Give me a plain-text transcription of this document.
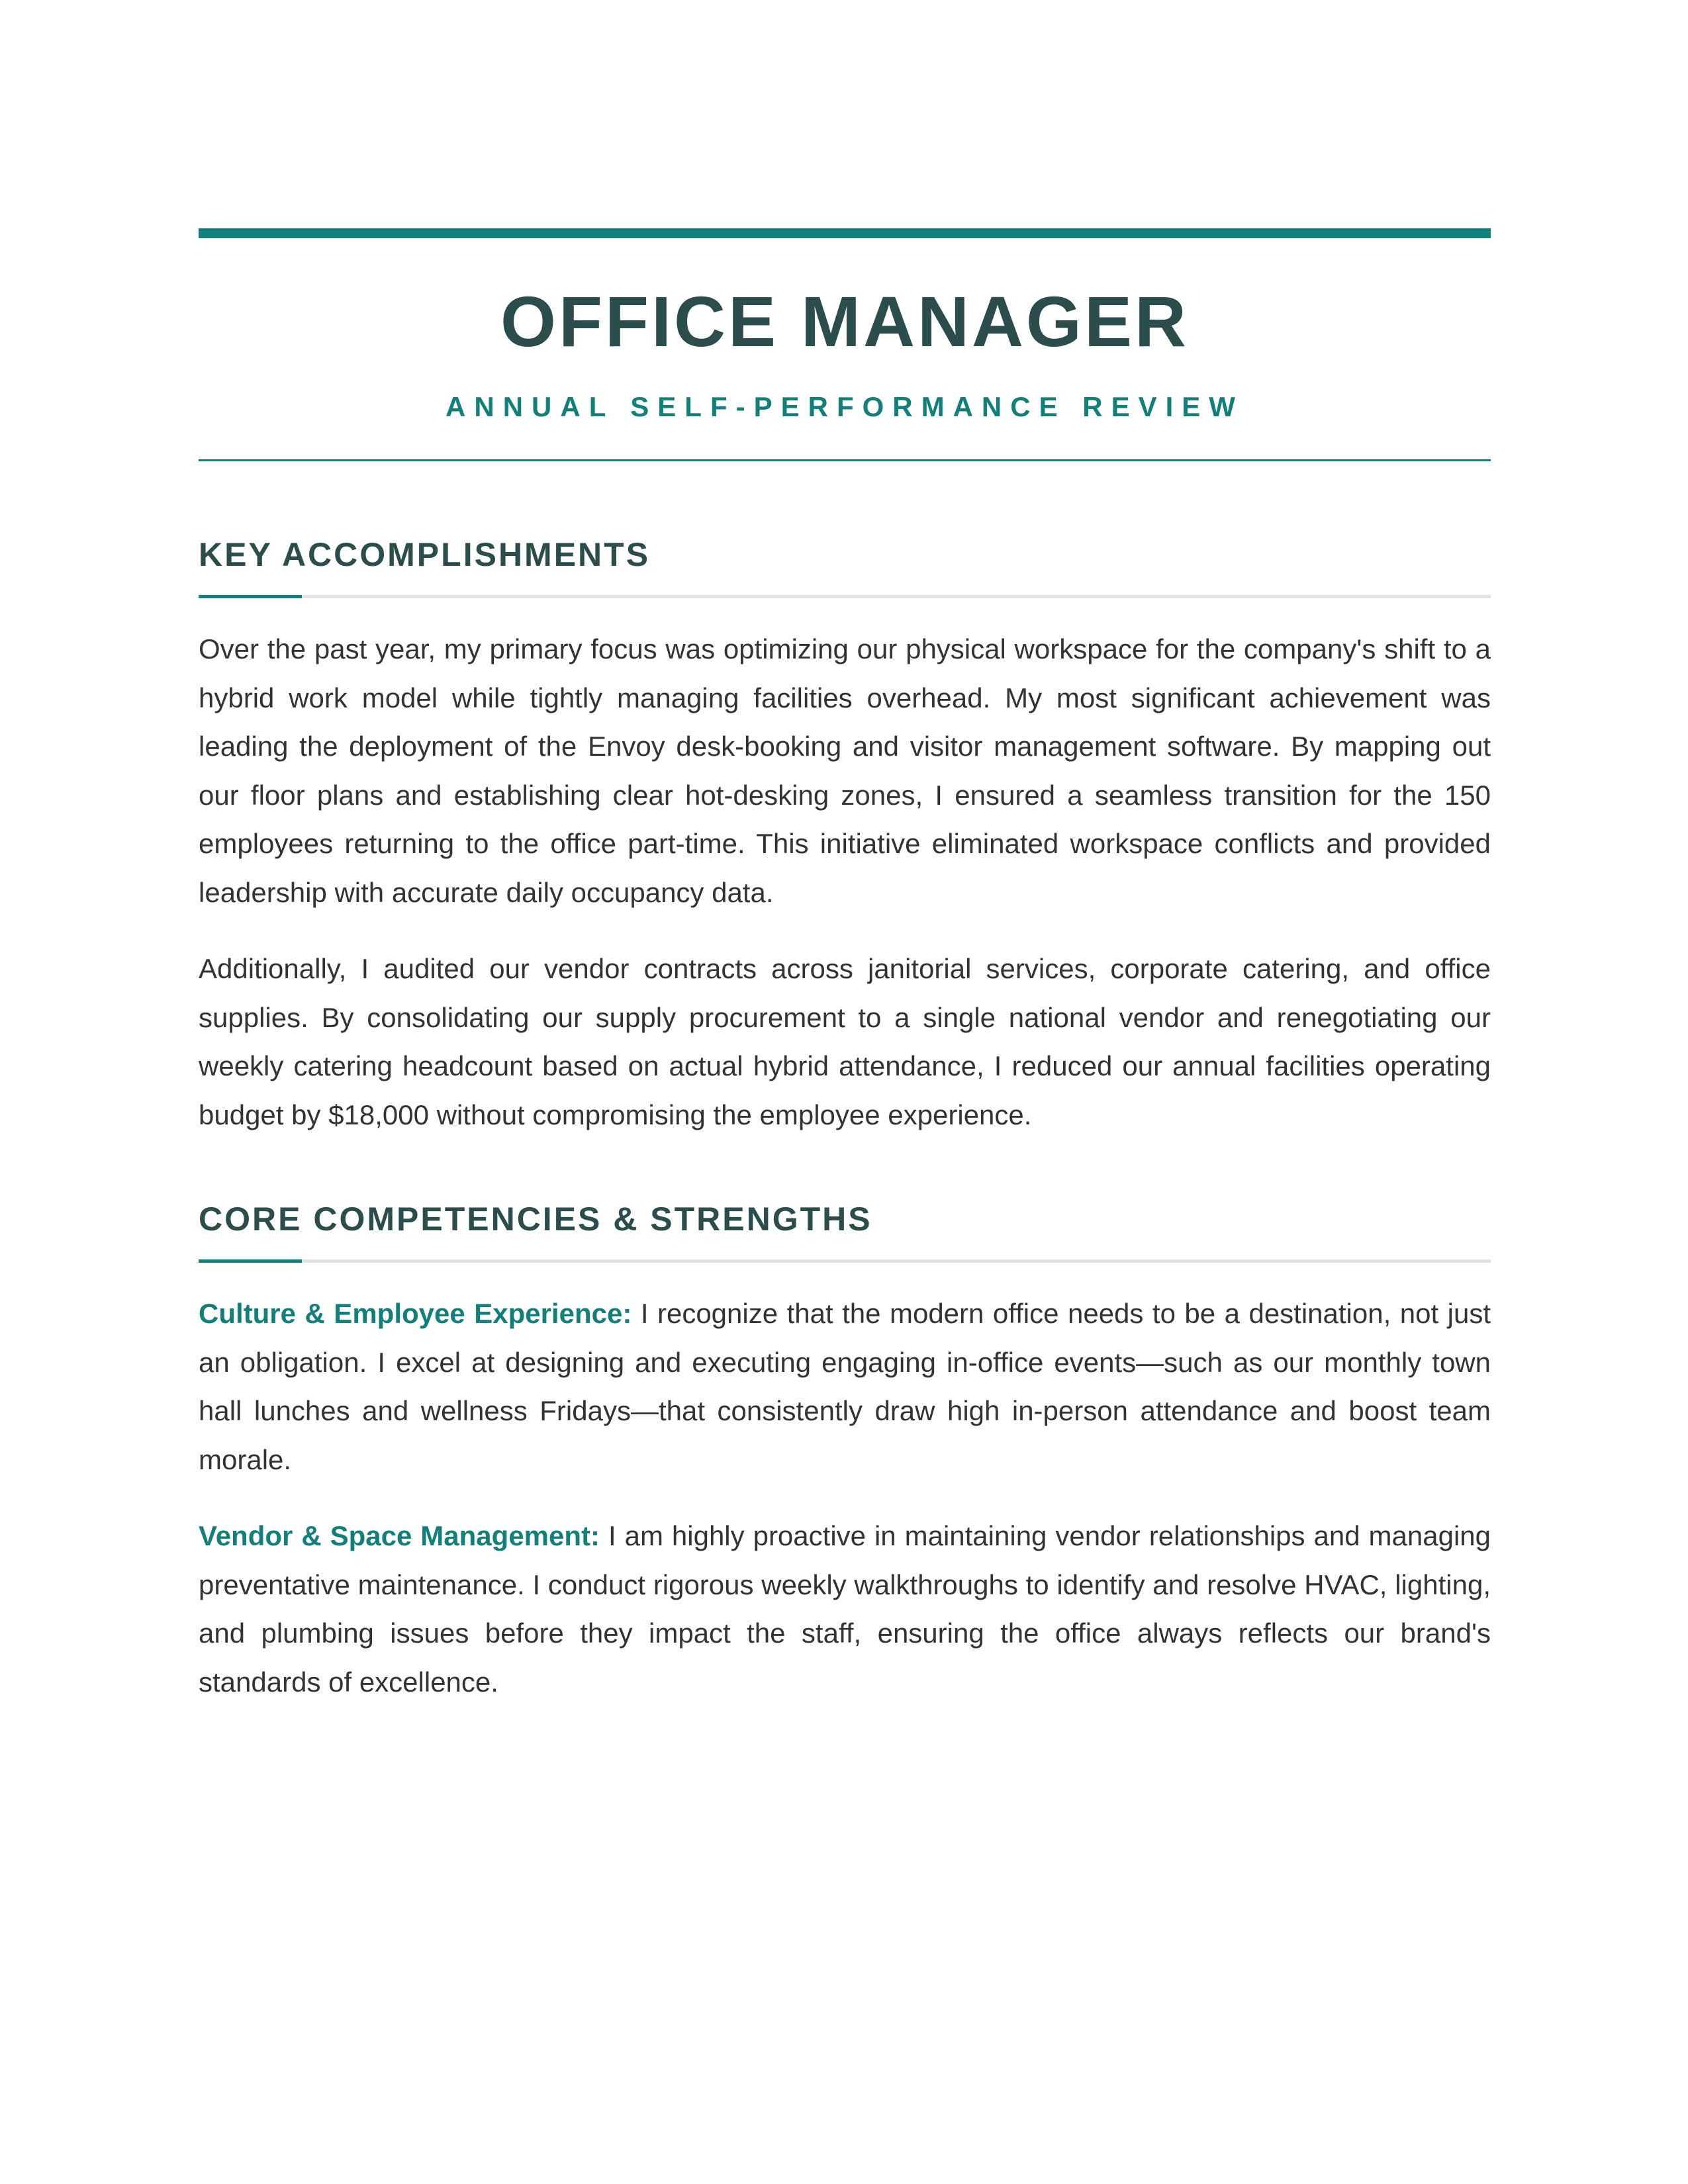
OFFICE MANAGER
ANNUAL SELF-PERFORMANCE REVIEW
KEY ACCOMPLISHMENTS

Over the past year, my primary focus was optimizing our physical workspace for the company's shift to a hybrid work model while tightly managing facilities overhead. My most significant achievement was leading the deployment of the Envoy desk-booking and visitor management software. By mapping out our floor plans and establishing clear hot-desking zones, I ensured a seamless transition for the 150 employees returning to the office part-time. This initiative eliminated workspace conflicts and provided leadership with accurate daily occupancy data.

Additionally, I audited our vendor contracts across janitorial services, corporate catering, and office supplies. By consolidating our supply procurement to a single national vendor and renegotiating our weekly catering headcount based on actual hybrid attendance, I reduced our annual facilities operating budget by $18,000 without compromising the employee experience.

CORE COMPETENCIES & STRENGTHS

Culture & Employee Experience: I recognize that the modern office needs to be a destination, not just an obligation. I excel at designing and executing engaging in-office events—such as our monthly town hall lunches and wellness Fridays—that consistently draw high in-person attendance and boost team morale.

Vendor & Space Management: I am highly proactive in maintaining vendor relationships and managing preventative maintenance. I conduct rigorous weekly walkthroughs to identify and resolve HVAC, lighting, and plumbing issues before they impact the staff, ensuring the office always reflects our brand's standards of excellence.
